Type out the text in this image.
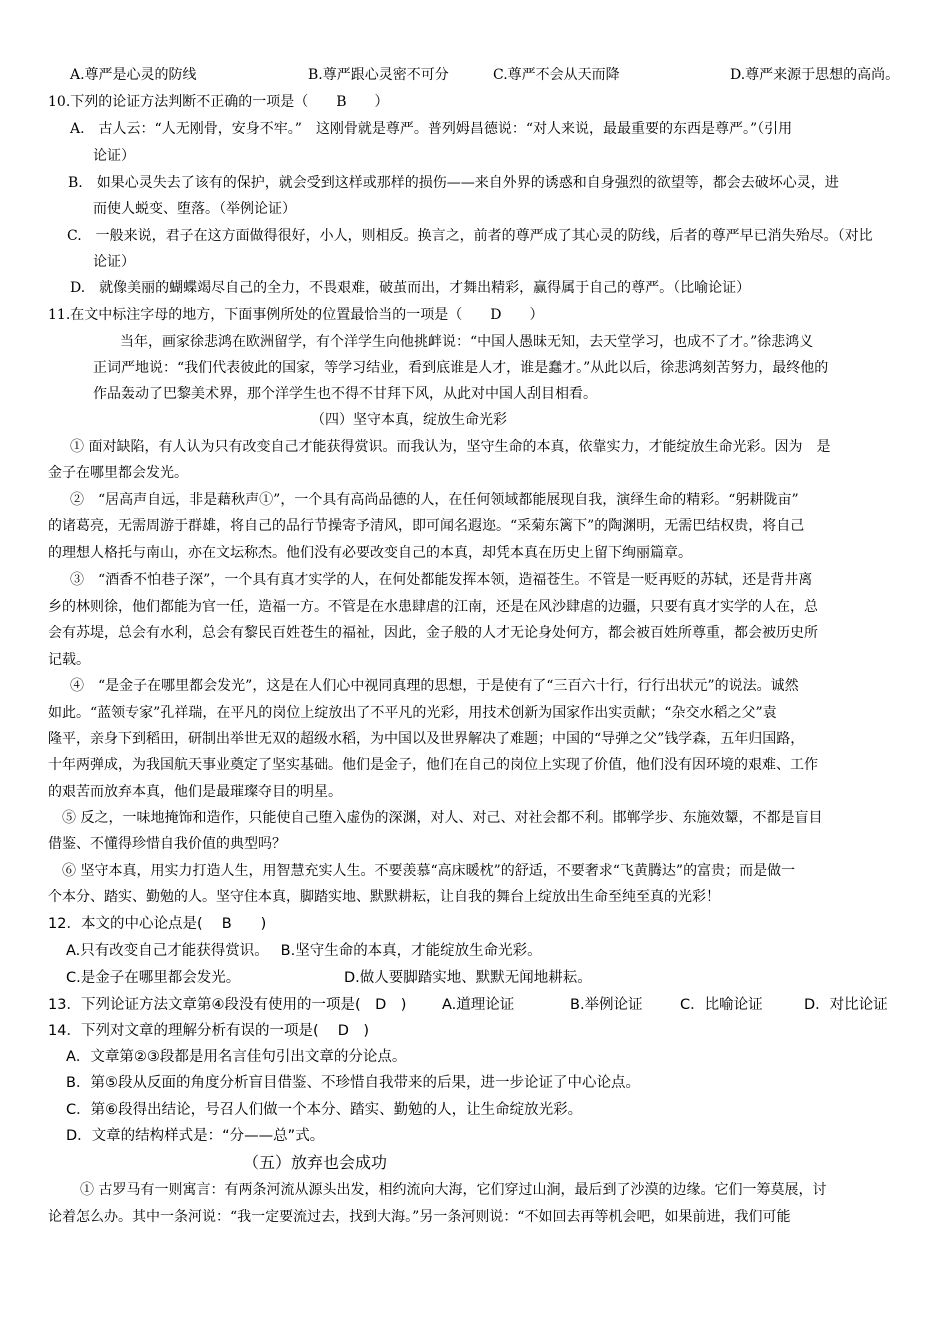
A.尊严是心灵的防线	B.尊严跟心灵密不可分	C.尊严不会从天而降	D.尊严来源于思想的高尚。
10.下列的论证方法判断不正确的一项是（　　B　　）
A.　古人云：“人无刚骨，安身不牢。”　这刚骨就是尊严。普列姆昌德说：“对人来说，最最重要的东西是尊严。”（引用
论证）
B.　如果心灵失去了该有的保护，就会受到这样或那样的损伤——来自外界的诱惑和自身强烈的欲望等，都会去破坏心灵，进
而使人蜕变、堕落。（举例论证）
C.　一般来说，君子在这方面做得很好，小人，则相反。换言之，前者的尊严成了其心灵的防线，后者的尊严早已消失殆尽。（对比
论证）
D.　就像美丽的蝴蝶竭尽自己的全力，不畏艰难，破茧而出，才舞出精彩，赢得属于自己的尊严。（比喻论证）
11.在文中标注字母的地方，下面事例所处的位置最恰当的一项是（　　D　　）
当年，画家徐悲鸿在欧洲留学，有个洋学生向他挑衅说：“中国人愚昧无知，去天堂学习，也成不了才。”徐悲鸿义
正词严地说：“我们代表彼此的国家，等学习结业，看到底谁是人才，谁是蠢才。”从此以后，徐悲鸿刻苦努力，最终他的
作品轰动了巴黎美术界，那个洋学生也不得不甘拜下风，从此对中国人刮目相看。
（四）坚守本真，绽放生命光彩
① 面对缺陷，有人认为只有改变自己才能获得赏识。而我认为，坚守生命的本真，依靠实力，才能绽放生命光彩。因为　是
金子在哪里都会发光。
②　“居高声自远，非是藉秋声①”，一个具有高尚品德的人，在任何领域都能展现自我，演绎生命的精彩。“躬耕陇亩”
的诸葛亮，无需周游于群雄，将自己的品行节操寄予清风，即可闻名遐迩。“采菊东篱下”的陶渊明，无需巴结权贵，将自己
的理想人格托与南山，亦在文坛称杰。他们没有必要改变自己的本真，却凭本真在历史上留下绚丽篇章。
③　“酒香不怕巷子深”，一个具有真才实学的人，在何处都能发挥本领，造福苍生。不管是一贬再贬的苏轼，还是背井离
乡的林则徐，他们都能为官一任，造福一方。不管是在水患肆虐的江南，还是在风沙肆虐的边疆，只要有真才实学的人在，总
会有苏堤，总会有水利，总会有黎民百姓苍生的福祉，因此，金子般的人才无论身处何方，都会被百姓所尊重，都会被历史所
记载。
④　“是金子在哪里都会发光”，这是在人们心中视同真理的思想，于是使有了“三百六十行，行行出状元”的说法。诚然
如此。“蓝领专家”孔祥瑞，在平凡的岗位上绽放出了不平凡的光彩，用技术创新为国家作出实贡献；“杂交水稻之父”袁
隆平，亲身下到稻田，研制出举世无双的超级水稻，为中国以及世界解决了难题；中国的“导弹之父”钱学森，五年归国路，
十年两弹成，为我国航天事业奠定了坚实基础。他们是金子，他们在自己的岗位上实现了价值，他们没有因环境的艰难、工作
的艰苦而放弃本真，他们是最璀璨夺目的明星。
⑤ 反之，一味地掩饰和造作，只能使自己堕入虚伪的深渊，对人、对己、对社会都不利。邯郸学步、东施效颦，不都是盲目
借鉴、不懂得珍惜自我价值的典型吗？
⑥ 坚守本真，用实力打造人生，用智慧充实人生。不要羡慕“高床暖枕”的舒适，不要奢求“飞黄腾达”的富贵；而是做一
个本分、踏实、勤勉的人。坚守住本真，脚踏实地、默默耕耘，让自我的舞台上绽放出生命至纯至真的光彩！
12．本文的中心论点是(　 B　　)
A.只有改变自己才能获得赏识。　 B.坚守生命的本真，才能绽放生命光彩。
C.是金子在哪里都会发光。	D.做人要脚踏实地、默默无闻地耕耘。
13．下列论证方法文章第④段没有使用的一项是(　D　) A.道理论证	B.举例论证	C．比喻论证	D．对比论证
14．下列对文章的理解分析有误的一项是(　 D　)
A．文章第②③段都是用名言佳句引出文章的分论点。
B．第⑤段从反面的角度分析盲目借鉴、不珍惜自我带来的后果，进一步论证了中心论点。
C．第⑥段得出结论，号召人们做一个本分、踏实、勤勉的人，让生命绽放光彩。
D．文章的结构样式是：“分——总”式。
（五）放弃也会成功
① 古罗马有一则寓言：有两条河流从源头出发，相约流向大海，它们穿过山涧，最后到了沙漠的边缘。它们一筹莫展，讨
论着怎么办。其中一条河说：“我一定要流过去，找到大海。”另一条河则说：“不如回去再等机会吧，如果前进，我们可能
